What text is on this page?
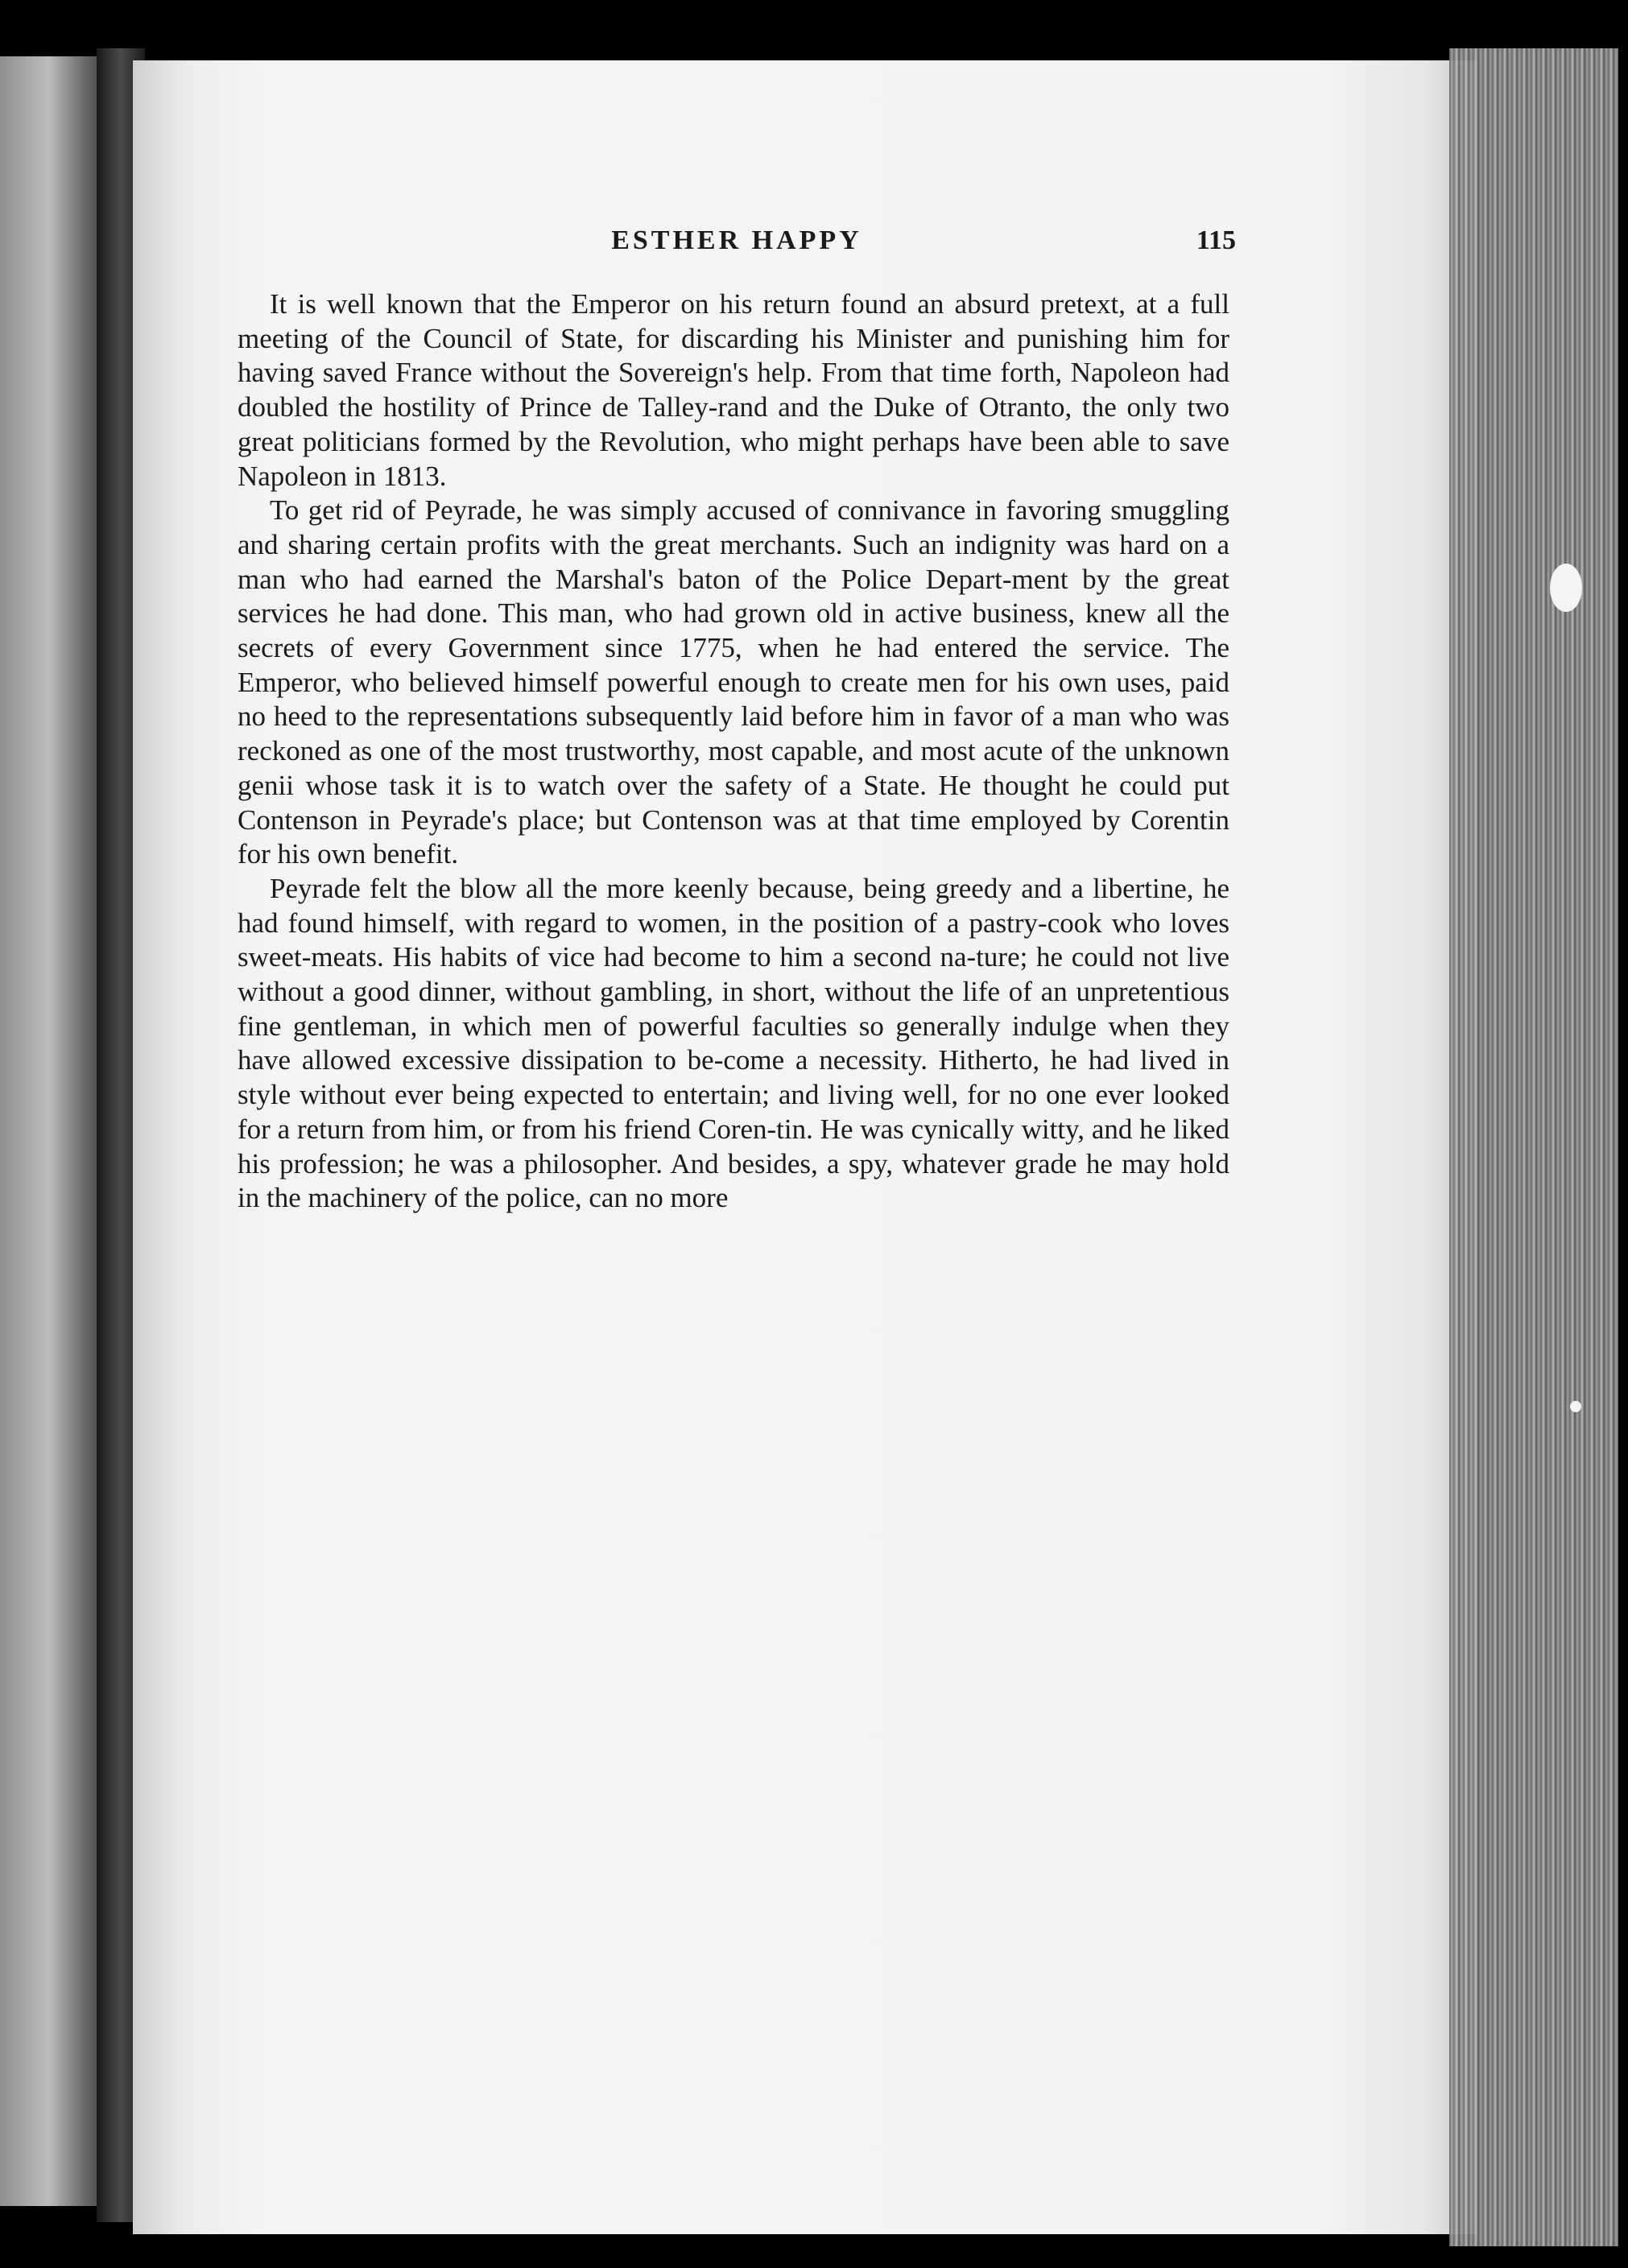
ESTHER HAPPY	115

It is well known that the Emperor on his return found an absurd pretext, at a full meeting of the Council of State, for discarding his Minister and punishing him for having saved France without the Sovereign's help. From that time forth, Napoleon had doubled the hostility of Prince de Talley-rand and the Duke of Otranto, the only two great politicians formed by the Revolution, who might perhaps have been able to save Napoleon in 1813.

To get rid of Peyrade, he was simply accused of connivance in favoring smuggling and sharing certain profits with the great merchants. Such an indignity was hard on a man who had earned the Marshal's baton of the Police Depart-ment by the great services he had done. This man, who had grown old in active business, knew all the secrets of every Government since 1775, when he had entered the service. The Emperor, who believed himself powerful enough to create men for his own uses, paid no heed to the representations subsequently laid before him in favor of a man who was reckoned as one of the most trustworthy, most capable, and most acute of the unknown genii whose task it is to watch over the safety of a State. He thought he could put Contenson in Peyrade's place; but Contenson was at that time employed by Corentin for his own benefit.

Peyrade felt the blow all the more keenly because, being greedy and a libertine, he had found himself, with regard to women, in the position of a pastry-cook who loves sweet-meats. His habits of vice had become to him a second na-ture; he could not live without a good dinner, without gambling, in short, without the life of an unpretentious fine gentleman, in which men of powerful faculties so generally indulge when they have allowed excessive dissipation to be-come a necessity. Hitherto, he had lived in style without ever being expected to entertain; and living well, for no one ever looked for a return from him, or from his friend Coren-tin. He was cynically witty, and he liked his profession; he was a philosopher. And besides, a spy, whatever grade he may hold in the machinery of the police, can no more
